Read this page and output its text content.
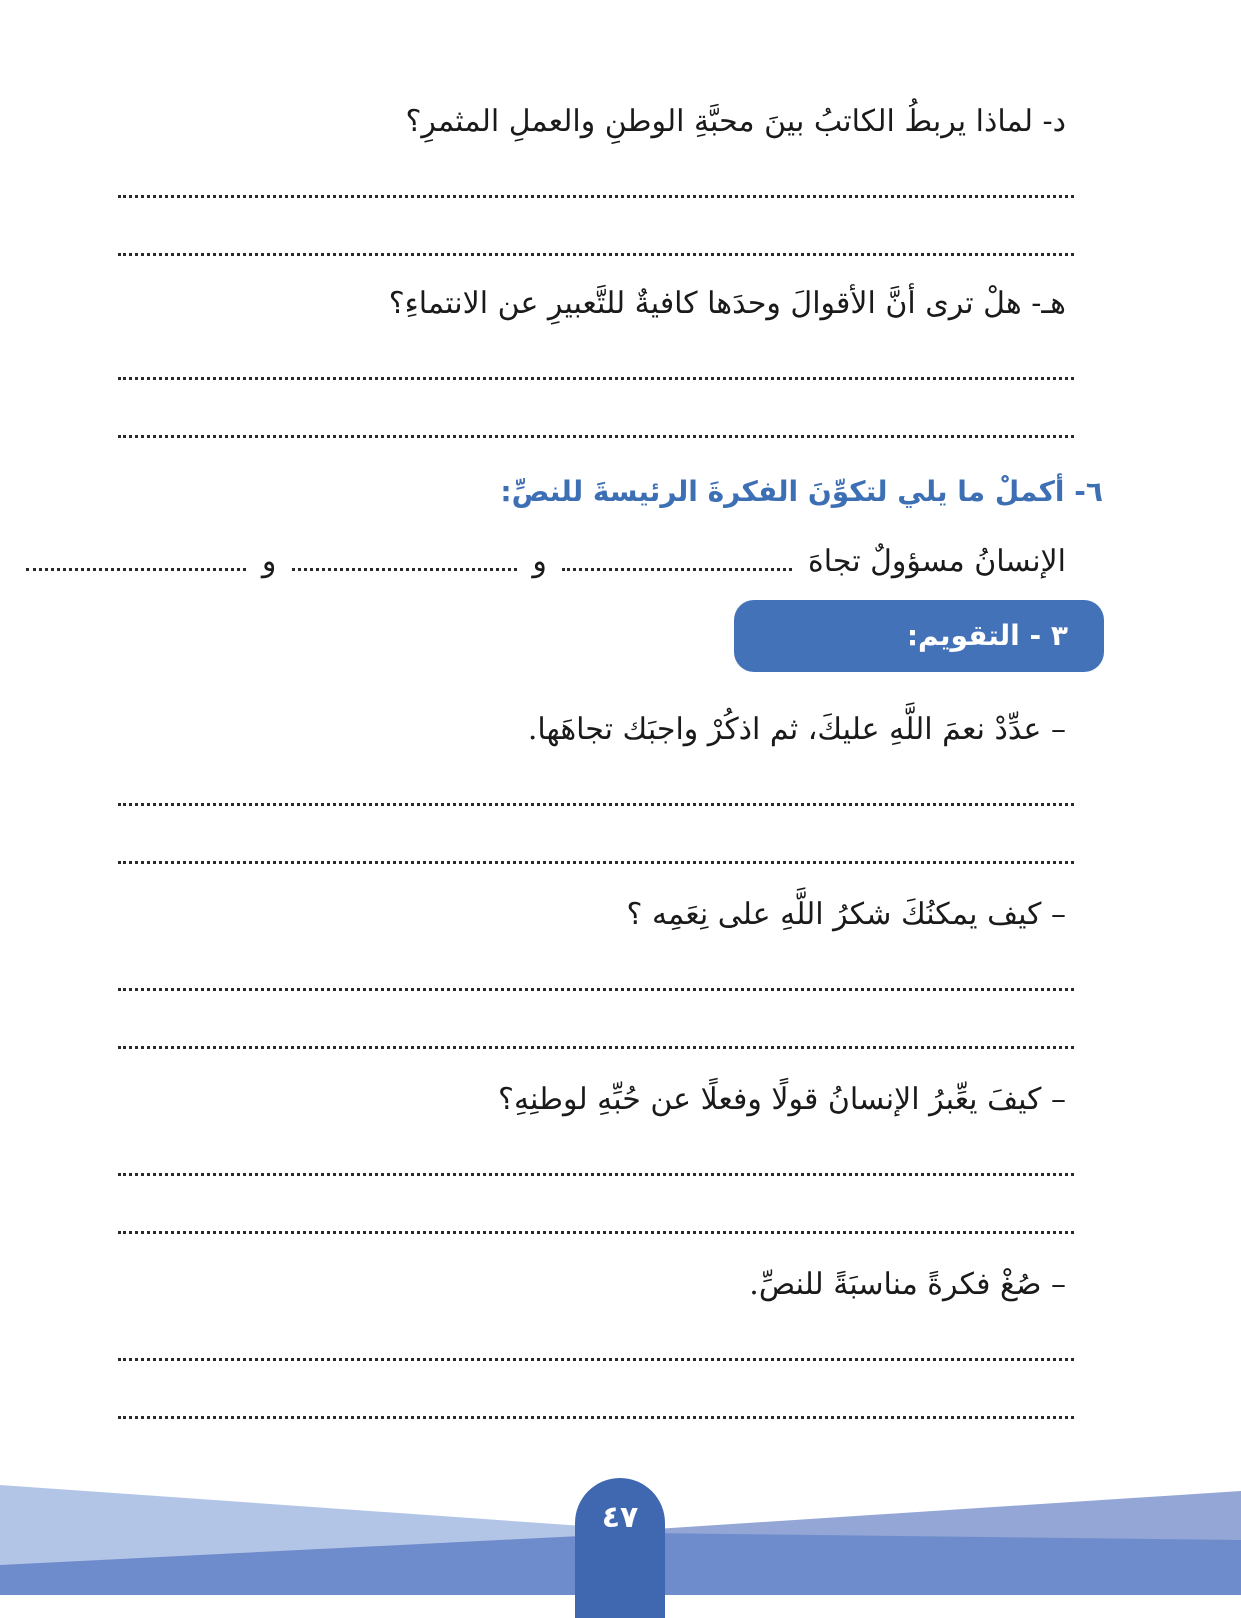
د- لماذا يربطُ الكاتبُ بينَ محبَّةِ الوطنِ والعملِ المثمرِ؟
هـ- هلْ ترى أنَّ الأقوالَ وحدَها كافيةٌ للتَّعبيرِ عن الانتماءِ؟
٦- أكملْ ما يلي لتكوِّنَ الفكرةَ الرئيسةَ للنصِّ:
الإنسانُ مسؤولٌ تجاهَ  و  و
٣ - التقويم:
– عدِّدْ نعمَ اللَّهِ عليكَ، ثم اذكُرْ واجبَك تجاهَها.
– كيف يمكنُكَ شكرُ اللَّهِ على نِعَمِه ؟
– كيفَ يعِّبرُ الإنسانُ قولًا وفعلًا عن حُبِّهِ لوطنِهِ؟
– صُغْ فكرةً مناسبَةً للنصِّ.
٤٧
